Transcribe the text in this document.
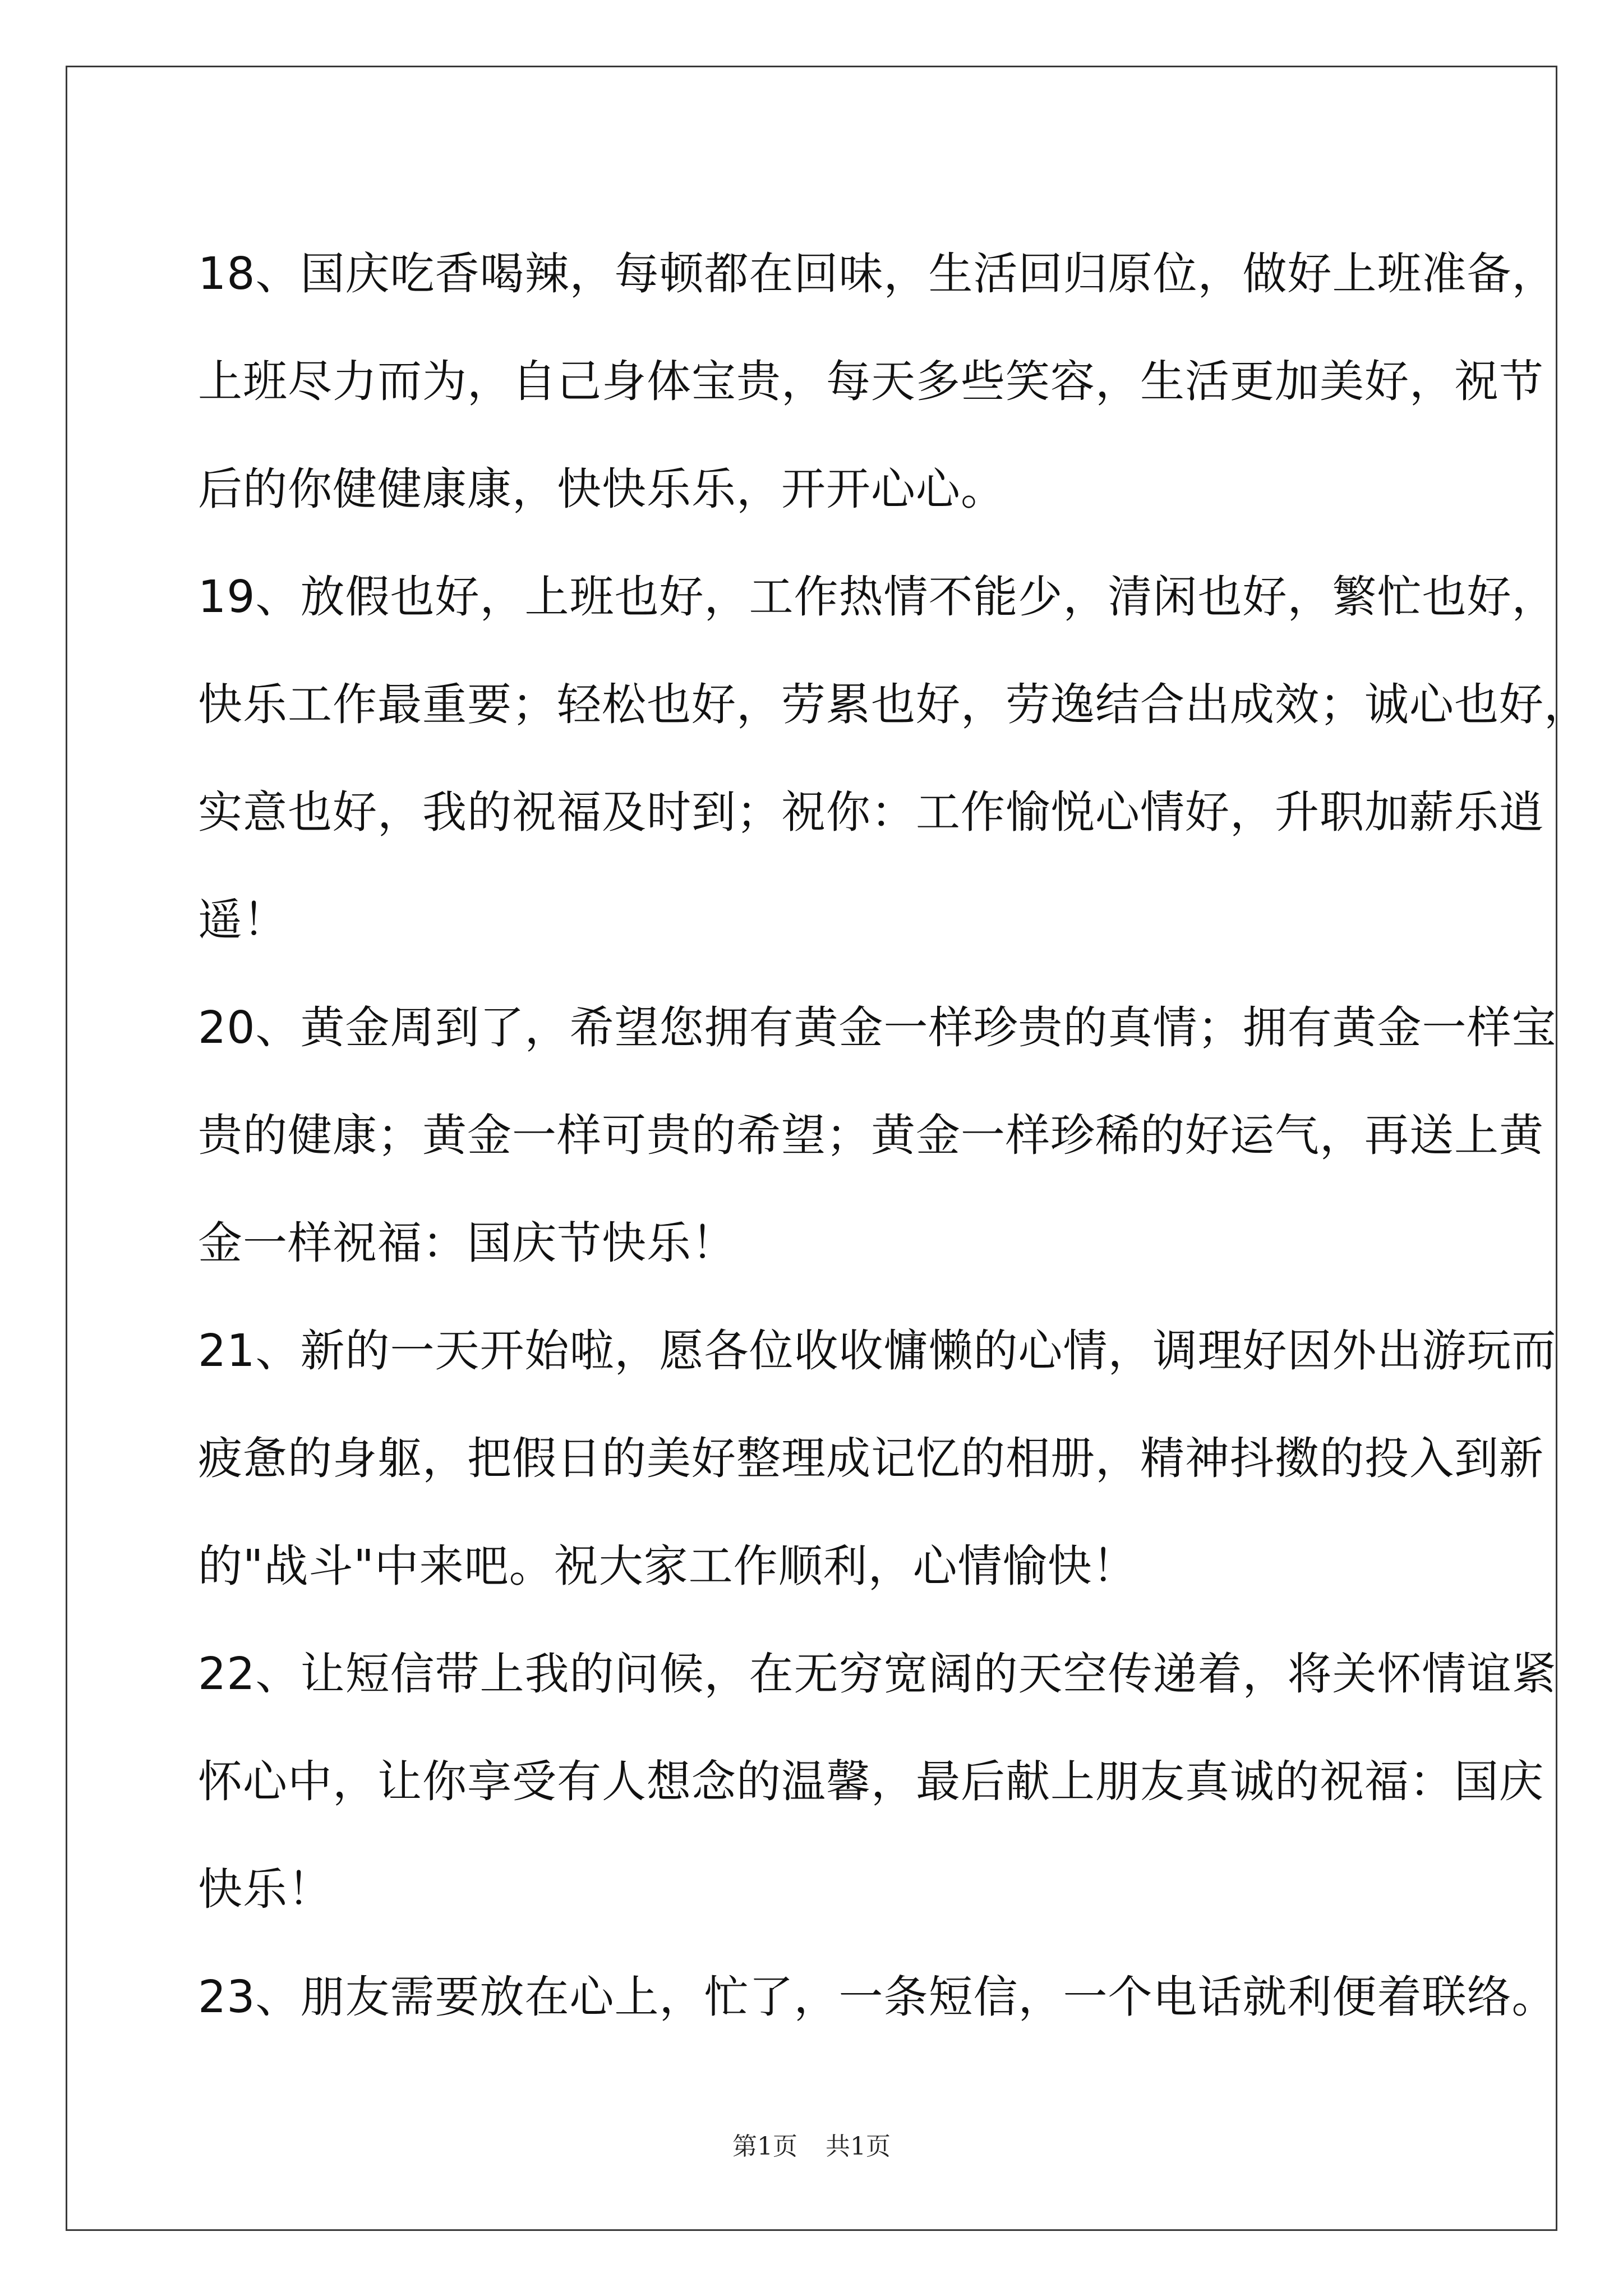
18、国庆吃香喝辣，每顿都在回味，生活回归原位，做好上班准备，
上班尽力而为，自己身体宝贵，每天多些笑容，生活更加美好，祝节
后的你健健康康，快快乐乐，开开心心。
19、放假也好，上班也好，工作热情不能少，清闲也好，繁忙也好，
快乐工作最重要；轻松也好，劳累也好，劳逸结合出成效；诚心也好，
实意也好，我的祝福及时到；祝你：工作愉悦心情好，升职加薪乐逍
遥！
20、黄金周到了，希望您拥有黄金一样珍贵的真情；拥有黄金一样宝
贵的健康；黄金一样可贵的希望；黄金一样珍稀的好运气，再送上黄
金一样祝福：国庆节快乐！
21、新的一天开始啦，愿各位收收慵懒的心情，调理好因外出游玩而
疲惫的身躯，把假日的美好整理成记忆的相册，精神抖擞的投入到新
的"战斗"中来吧。祝大家工作顺利，心情愉快！
22、让短信带上我的问候，在无穷宽阔的天空传递着，将关怀情谊紧
怀心中，让你享受有人想念的温馨，最后献上朋友真诚的祝福：国庆
快乐！
23、朋友需要放在心上，忙了，一条短信，一个电话就利便着联络。
第1页 共1页
